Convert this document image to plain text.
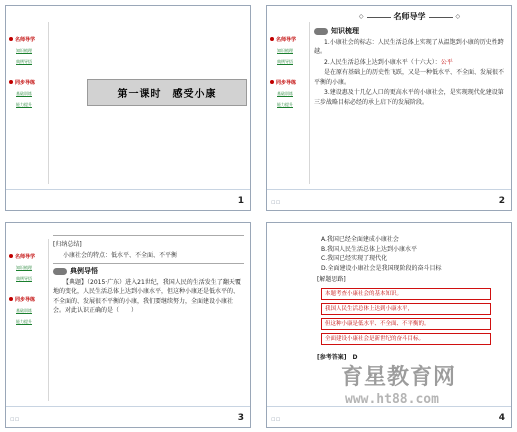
名师导学
知识梳理
典例导悟
同步导练
基础训练
能力提升
第一课时　感受小康
1
名师导学
知识梳理
典例导悟
同步导练
基础训练
能力提升
◇	名师导学	◇
知识梳理
1.小康社会的标志：人民生活总体上实现了从温饱到小康的历史性跨越。
2.人民生活总体上达到小康水平（十六大）：公平
是在原有基础上的历史性飞跃，又是一种低水平、不全面、发展很不平衡的小康。
3.建设惠及十几亿人口的更高水平的小康社会，是实现现代化建设第三步战略目标必经的承上启下的发展阶段。
▫▫	2
名师导学
知识梳理
典例导悟
同步导练
基础训练
能力提升
[归纳总结]
小康社会的特点：低水平、不全面、不平衡
典例导悟
【典题】（2015·广东）进入21世纪，我国人民的生活发生了翻天覆地的变化，人民生活总体上达到小康水平，但这种小康还是低水平的、不全面的、发展很不平衡的小康，我们要继续努力，全面建设小康社会。对此认识正确的是（　　）
▫▫	3
A.我国已经全面建成小康社会
B.我国人民生活总体上达到小康水平
C.我国已经实现了现代化
D.全面建设小康社会是我国现阶段的奋斗目标
[解题思路]
本题考查小康社会的基本知识。
我国人民生活总体上达到小康水平，
但这种小康是低水平、不全面、不平衡的。
全面建设小康社会是新世纪的奋斗目标。
[参考答案]　 D
▫▫	4
育星教育网
www.ht88.com
